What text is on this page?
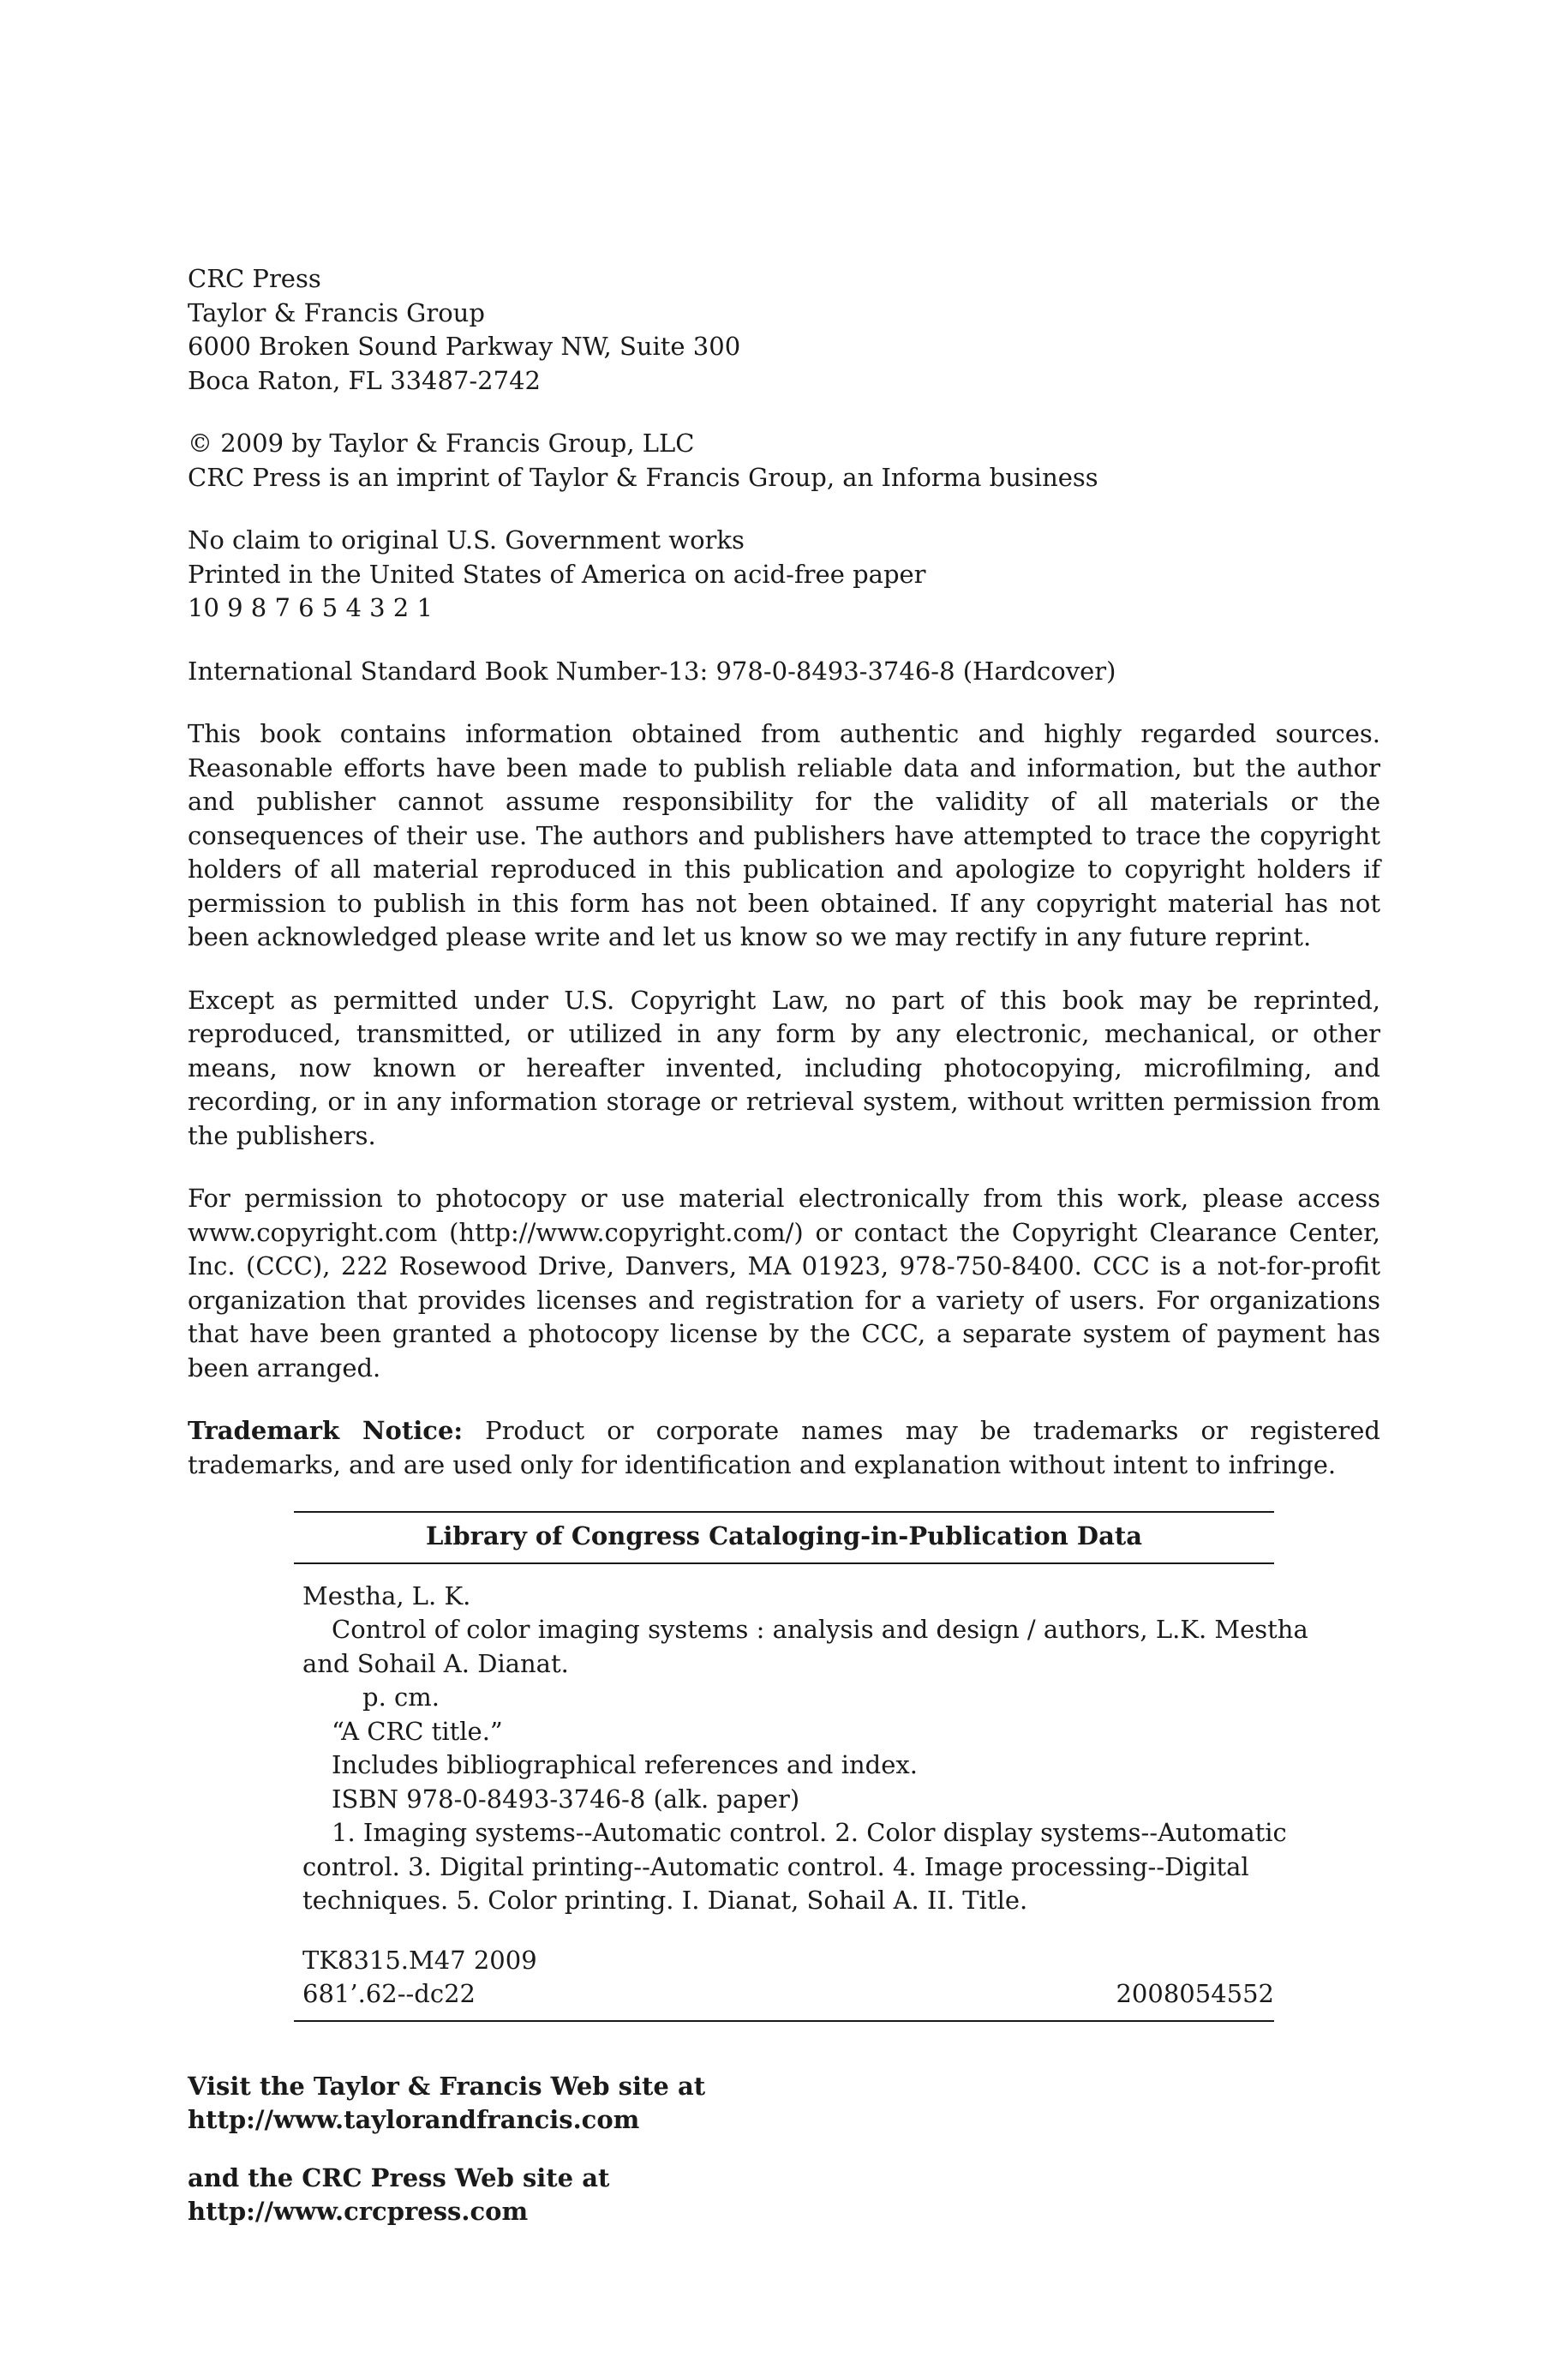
CRC Press
Taylor & Francis Group
6000 Broken Sound Parkway NW, Suite 300
Boca Raton, FL 33487-2742
© 2009 by Taylor & Francis Group, LLC
CRC Press is an imprint of Taylor & Francis Group, an Informa business
No claim to original U.S. Government works
Printed in the United States of America on acid-free paper
10 9 8 7 6 5 4 3 2 1
International Standard Book Number-13: 978-0-8493-3746-8 (Hardcover)

This book contains information obtained from authentic and highly regarded sources. Reasonable efforts have been made to publish reliable data and information, but the author and publisher cannot assume responsibility for the validity of all materials or the consequences of their use. The authors and publishers have attempted to trace the copyright holders of all material reproduced in this publication and apologize to copyright holders if permission to publish in this form has not been obtained. If any copyright material has not been acknowledged please write and let us know so we may rectify in any future reprint.

Except as permitted under U.S. Copyright Law, no part of this book may be reprinted, reproduced, transmitted, or utilized in any form by any electronic, mechanical, or other means, now known or hereafter invented, including photocopying, microfilming, and recording, or in any information storage or retrieval system, without written permission from the publishers.

For permission to photocopy or use material electronically from this work, please access www.copyright.com (http://www.copyright.com/) or contact the Copyright Clearance Center, Inc. (CCC), 222 Rosewood Drive, Danvers, MA 01923, 978-750-8400. CCC is a not-for-profit organization that provides licenses and registration for a variety of users. For organizations that have been granted a photocopy license by the CCC, a separate system of payment has been arranged.

Trademark Notice: Product or corporate names may be trademarks or registered trademarks, and are used only for identification and explanation without intent to infringe.

Library of Congress Cataloging-in-Publication Data
Mestha, L. K.
Control of color imaging systems : analysis and design / authors, L.K. Mestha
and Sohail A. Dianat.
p. cm.
“A CRC title.”
Includes bibliographical references and index.
ISBN 978-0-8493-3746-8 (alk. paper)
1. Imaging systems--Automatic control. 2. Color display systems--Automatic
control. 3. Digital printing--Automatic control. 4. Image processing--Digital
techniques. 5. Color printing. I. Dianat, Sohail A. II. Title.
TK8315.M47 2009
681’.62--dc22	2008054552
Visit the Taylor & Francis Web site at
http://www.taylorandfrancis.com
and the CRC Press Web site at
http://www.crcpress.com
